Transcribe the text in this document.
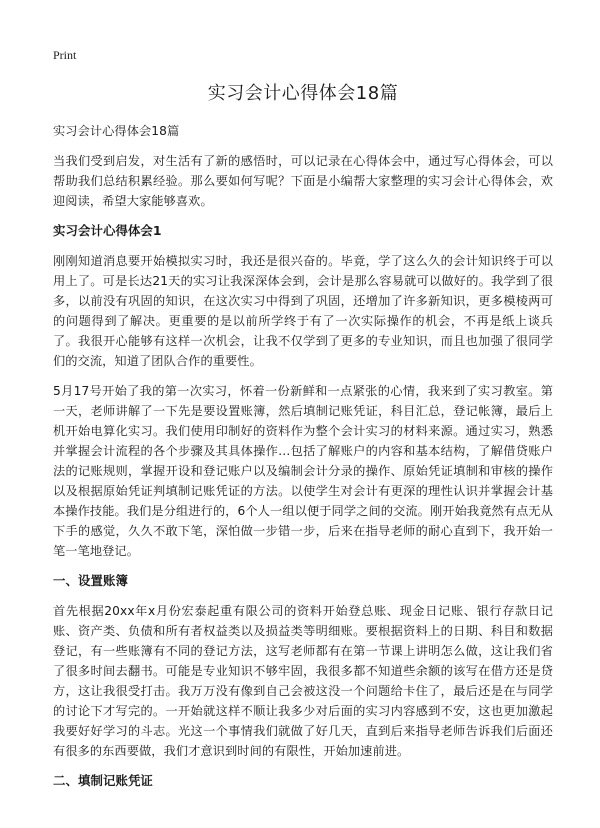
Print
实习会计心得体会18篇

实习会计心得体会18篇

当我们受到启发，对生活有了新的感悟时，可以记录在心得体会中，通过写心得体会，可以帮助我们总结积累经验。那么要如何写呢？下面是小编帮大家整理的实习会计心得体会，欢迎阅读，希望大家能够喜欢。

实习会计心得体会1

刚刚知道消息要开始模拟实习时，我还是很兴奋的。毕竟，学了这么久的会计知识终于可以用上了。可是长达21天的实习让我深深体会到，会计是那么容易就可以做好的。我学到了很多，以前没有巩固的知识，在这次实习中得到了巩固，还增加了许多新知识，更多模棱两可的问题得到了解决。更重要的是以前所学终于有了一次实际操作的机会，不再是纸上谈兵了。我很开心能够有这样一次机会，让我不仅学到了更多的专业知识，而且也加强了很同学们的交流，知道了团队合作的重要性。

5月17号开始了我的第一次实习，怀着一份新鲜和一点紧张的心情，我来到了实习教室。第一天，老师讲解了一下先是要设置账簿，然后填制记账凭证，科目汇总，登记帐簿，最后上机开始电算化实习。我们使用印制好的资料作为整个会计实习的材料来源。通过实习，熟悉并掌握会计流程的各个步骤及其具体操作…包括了解账户的内容和基本结构，了解借贷账户法的记账规则，掌握开设和登记账户以及编制会计分录的操作、原始凭证填制和审核的操作以及根据原始凭证判填制记账凭证的方法。以使学生对会计有更深的理性认识并掌握会计基本操作技能。我们是分组进行的，6个人一组以便于同学之间的交流。刚开始我竟然有点无从下手的感觉，久久不敢下笔，深怕做一步错一步，后来在指导老师的耐心直到下，我开始一笔一笔地登记。

一、设置账簿

首先根据20xx年x月份宏泰起重有限公司的资料开始登总账、现金日记账、银行存款日记账、资产类、负债和所有者权益类以及损益类等明细账。要根据资料上的日期、科目和数据登记，有一些账簿有不同的登记方法，这写老师都有在第一节课上讲明怎么做，这让我们省了很多时间去翻书。可能是专业知识不够牢固，我很多都不知道些余额的该写在借方还是贷方，这让我很受打击。我万万没有像到自己会被这没一个问题给卡住了，最后还是在与同学的讨论下才写完的。一开始就这样不顺让我多少对后面的实习内容感到不安，这也更加激起我要好好学习的斗志。光这一个事情我们就做了好几天，直到后来指导老师告诉我们后面还有很多的东西要做，我们才意识到时间的有限性，开始加速前进。

二、填制记账凭证
